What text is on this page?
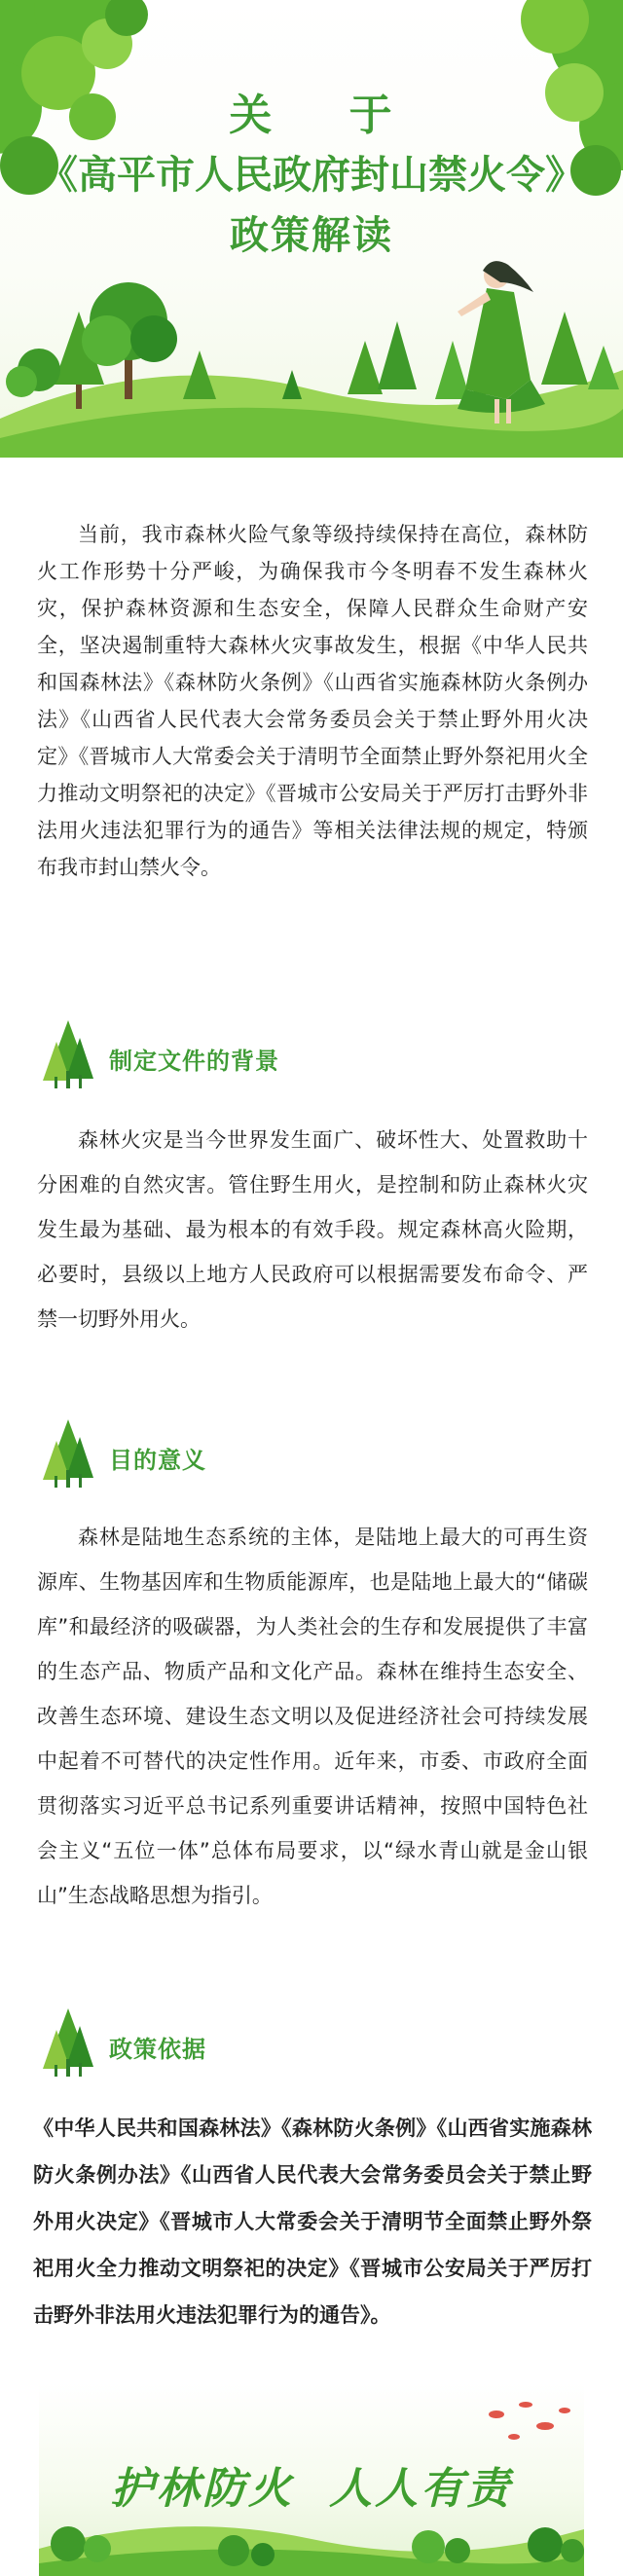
关 于
《高平市人民政府封山禁火令》
政策解读
当前，我市森林火险气象等级持续保持在高位，森林防火工作形势十分严峻，为确保我市今冬明春不发生森林火灾，保护森林资源和生态安全，保障人民群众生命财产安全，坚决遏制重特大森林火灾事故发生，根据《中华人民共和国森林法》《森林防火条例》《山西省实施森林防火条例办法》《山西省人民代表大会常务委员会关于禁止野外用火决定》《晋城市人大常委会关于清明节全面禁止野外祭祀用火全力推动文明祭祀的决定》《晋城市公安局关于严厉打击野外非法用火违法犯罪行为的通告》等相关法律法规的规定，特颁布我市封山禁火令。
制定文件的背景
森林火灾是当今世界发生面广、破坏性大、处置救助十分困难的自然灾害。管住野生用火，是控制和防止森林火灾发生最为基础、最为根本的有效手段。规定森林高火险期，必要时，县级以上地方人民政府可以根据需要发布命令、严禁一切野外用火。
目的意义
森林是陆地生态系统的主体，是陆地上最大的可再生资源库、生物基因库和生物质能源库，也是陆地上最大的“储碳库”和最经济的吸碳器，为人类社会的生存和发展提供了丰富的生态产品、物质产品和文化产品。森林在维持生态安全、改善生态环境、建设生态文明以及促进经济社会可持续发展中起着不可替代的决定性作用。近年来，市委、市政府全面贯彻落实习近平总书记系列重要讲话精神，按照中国特色社会主义“五位一体”总体布局要求，以“绿水青山就是金山银山”生态战略思想为指引。
政策依据
《中华人民共和国森林法》《森林防火条例》《山西省实施森林防火条例办法》《山西省人民代表大会常务委员会关于禁止野外用火决定》《晋城市人大常委会关于清明节全面禁止野外祭祀用火全力推动文明祭祀的决定》《晋城市公安局关于严厉打击野外非法用火违法犯罪行为的通告》。
护林防火 人人有责
